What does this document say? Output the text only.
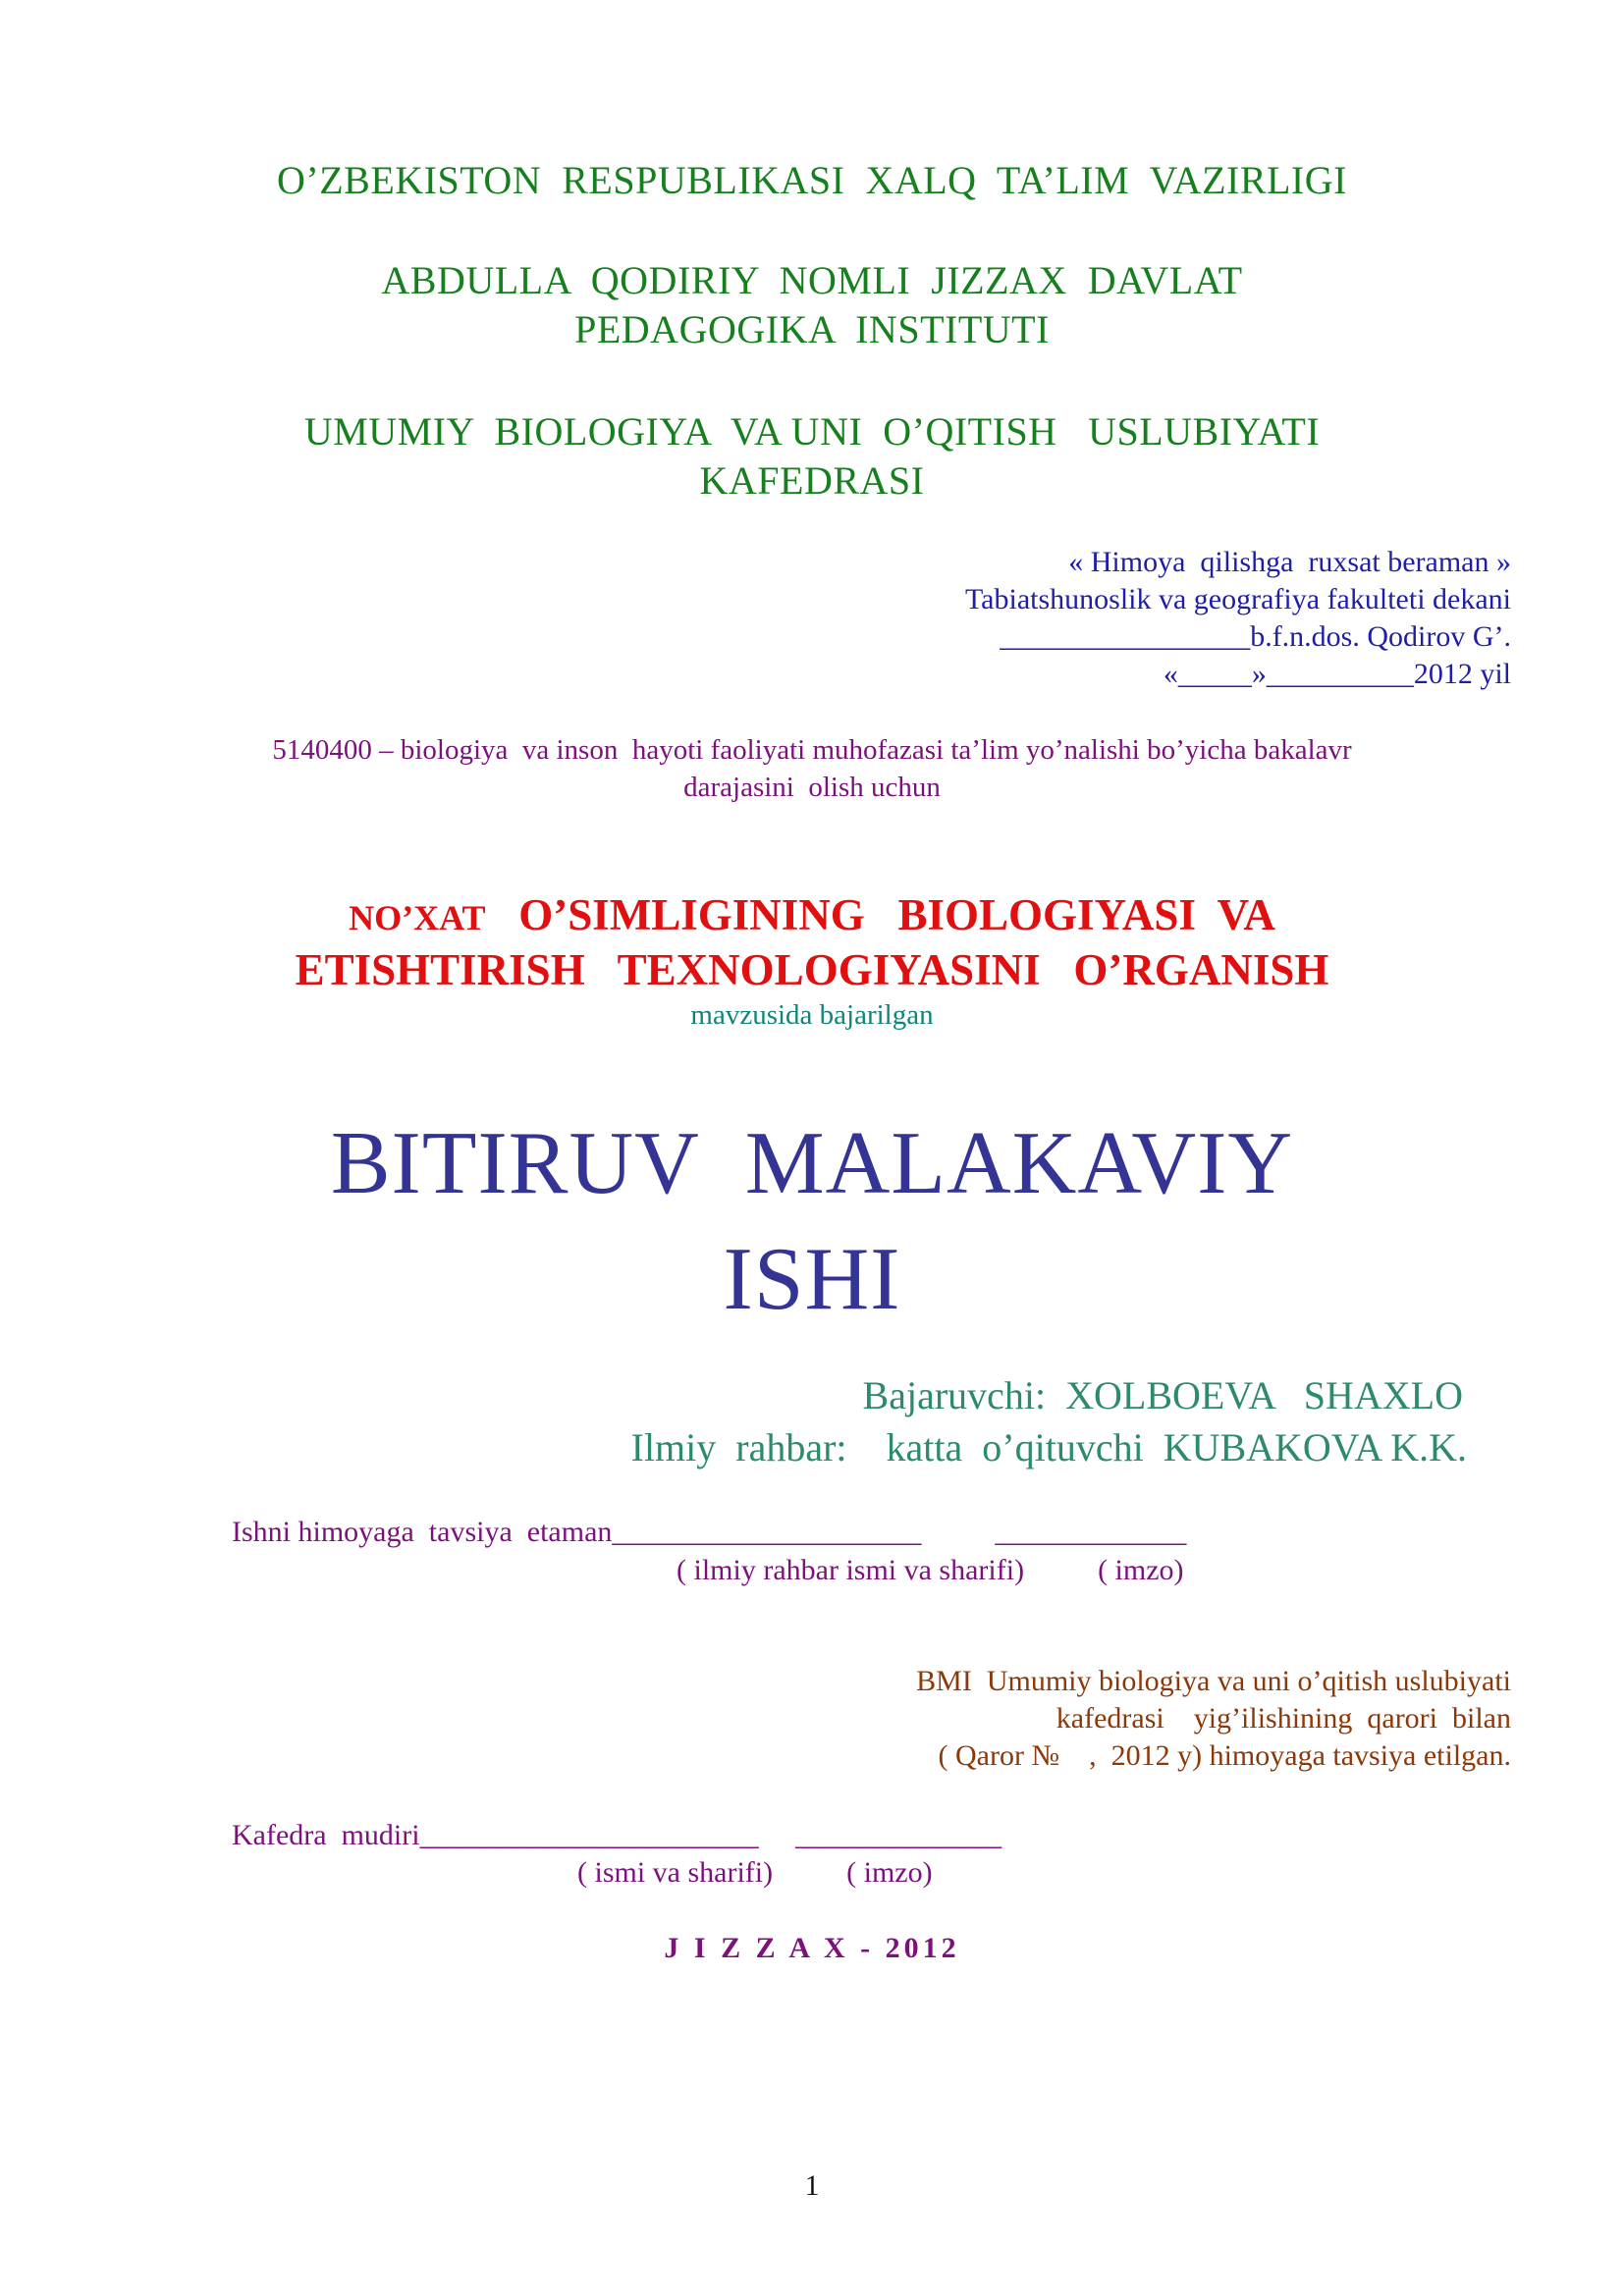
O’ZBEKISTON  RESPUBLIKASI  XALQ  TA’LIM  VAZIRLIGI
ABDULLA  QODIRIY  NOMLI  JIZZAX  DAVLAT
PEDAGOGIKA  INSTITUTI
UMUMIY  BIOLOGIYA  VA UNI  O’QITISH   USLUBIYATI
KAFEDRASI
« Himoya  qilishga  ruxsat beraman »
Tabiatshunoslik va geografiya fakulteti dekani
_________________b.f.n.dos. Qodirov G’.
«_____»__________2012 yil
5140400 – biologiya  va inson  hayoti faoliyati muhofazasi ta’lim yo’nalishi bo’yicha bakalavr
darajasini  olish uchun
NO’XAT O’SIMLIGINING   BIOLOGIYASI  VA
ETISHTIRISH   TEXNOLOGIYASINI   O’RGANISH
mavzusida bajarilgan
BITIRUV  MALAKAVIY
ISHI
Bajaruvchi:  XOLBOEVA   SHAXLO
Ilmiy  rahbar:    katta  o’qituvchi  KUBAKOVA K.K.
Ishni himoyaga  tavsiya  etaman_____________________          _____________
( ilmiy rahbar ismi va sharifi)          ( imzo)
BMI  Umumiy biologiya va uni o’qitish uslubiyati
kafedrasi    yig’ilishining  qarori  bilan
( Qaror №    ,  2012 y) himoyaga tavsiya etilgan.
Kafedra  mudiri_______________________     ______________
( ismi va sharifi)          ( imzo)
J I Z Z A X - 2012
1
